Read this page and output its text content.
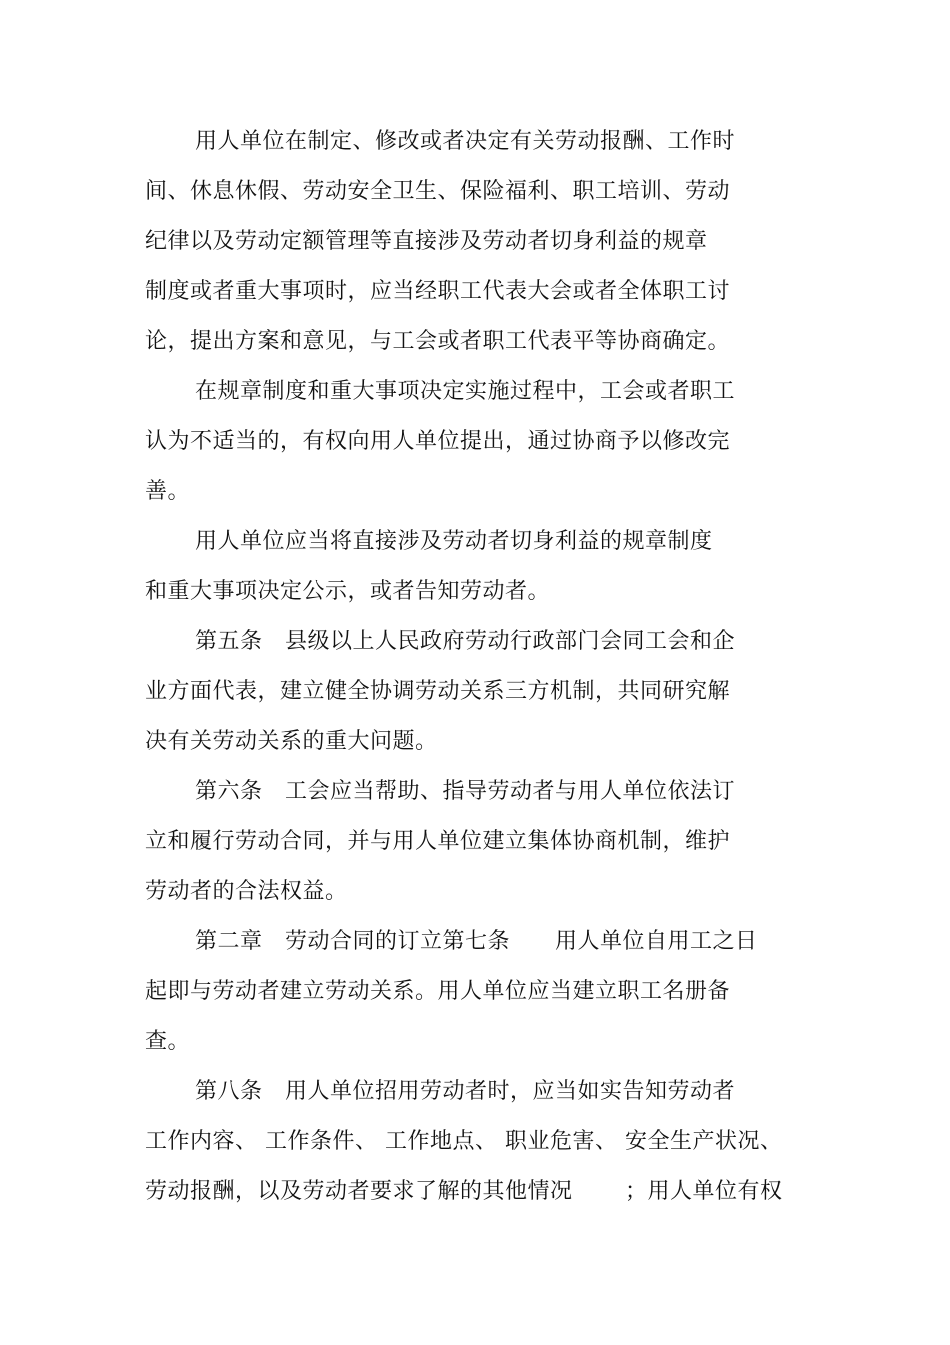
用人单位在制定、修改或者决定有关劳动报酬、工作时
间、休息休假、劳动安全卫生、保险福利、职工培训、劳动
纪律以及劳动定额管理等直接涉及劳动者切身利益的规章
制度或者重大事项时，应当经职工代表大会或者全体职工讨
论，提出方案和意见，与工会或者职工代表平等协商确定。
在规章制度和重大事项决定实施过程中，工会或者职工
认为不适当的，有权向用人单位提出，通过协商予以修改完
善。
用人单位应当将直接涉及劳动者切身利益的规章制度
和重大事项决定公示，或者告知劳动者。
第五条　县级以上人民政府劳动行政部门会同工会和企
业方面代表，建立健全协调劳动关系三方机制，共同研究解
决有关劳动关系的重大问题。
第六条　工会应当帮助、指导劳动者与用人单位依法订
立和履行劳动合同，并与用人单位建立集体协商机制，维护
劳动者的合法权益。
第二章　劳动合同的订立第七条　　用人单位自用工之日
起即与劳动者建立劳动关系。用人单位应当建立职工名册备
查。
第八条　用人单位招用劳动者时，应当如实告知劳动者
工作内容、 工作条件、 工作地点、 职业危害、 安全生产状况、
劳动报酬，以及劳动者要求了解的其他情况　　 ；用人单位有权
